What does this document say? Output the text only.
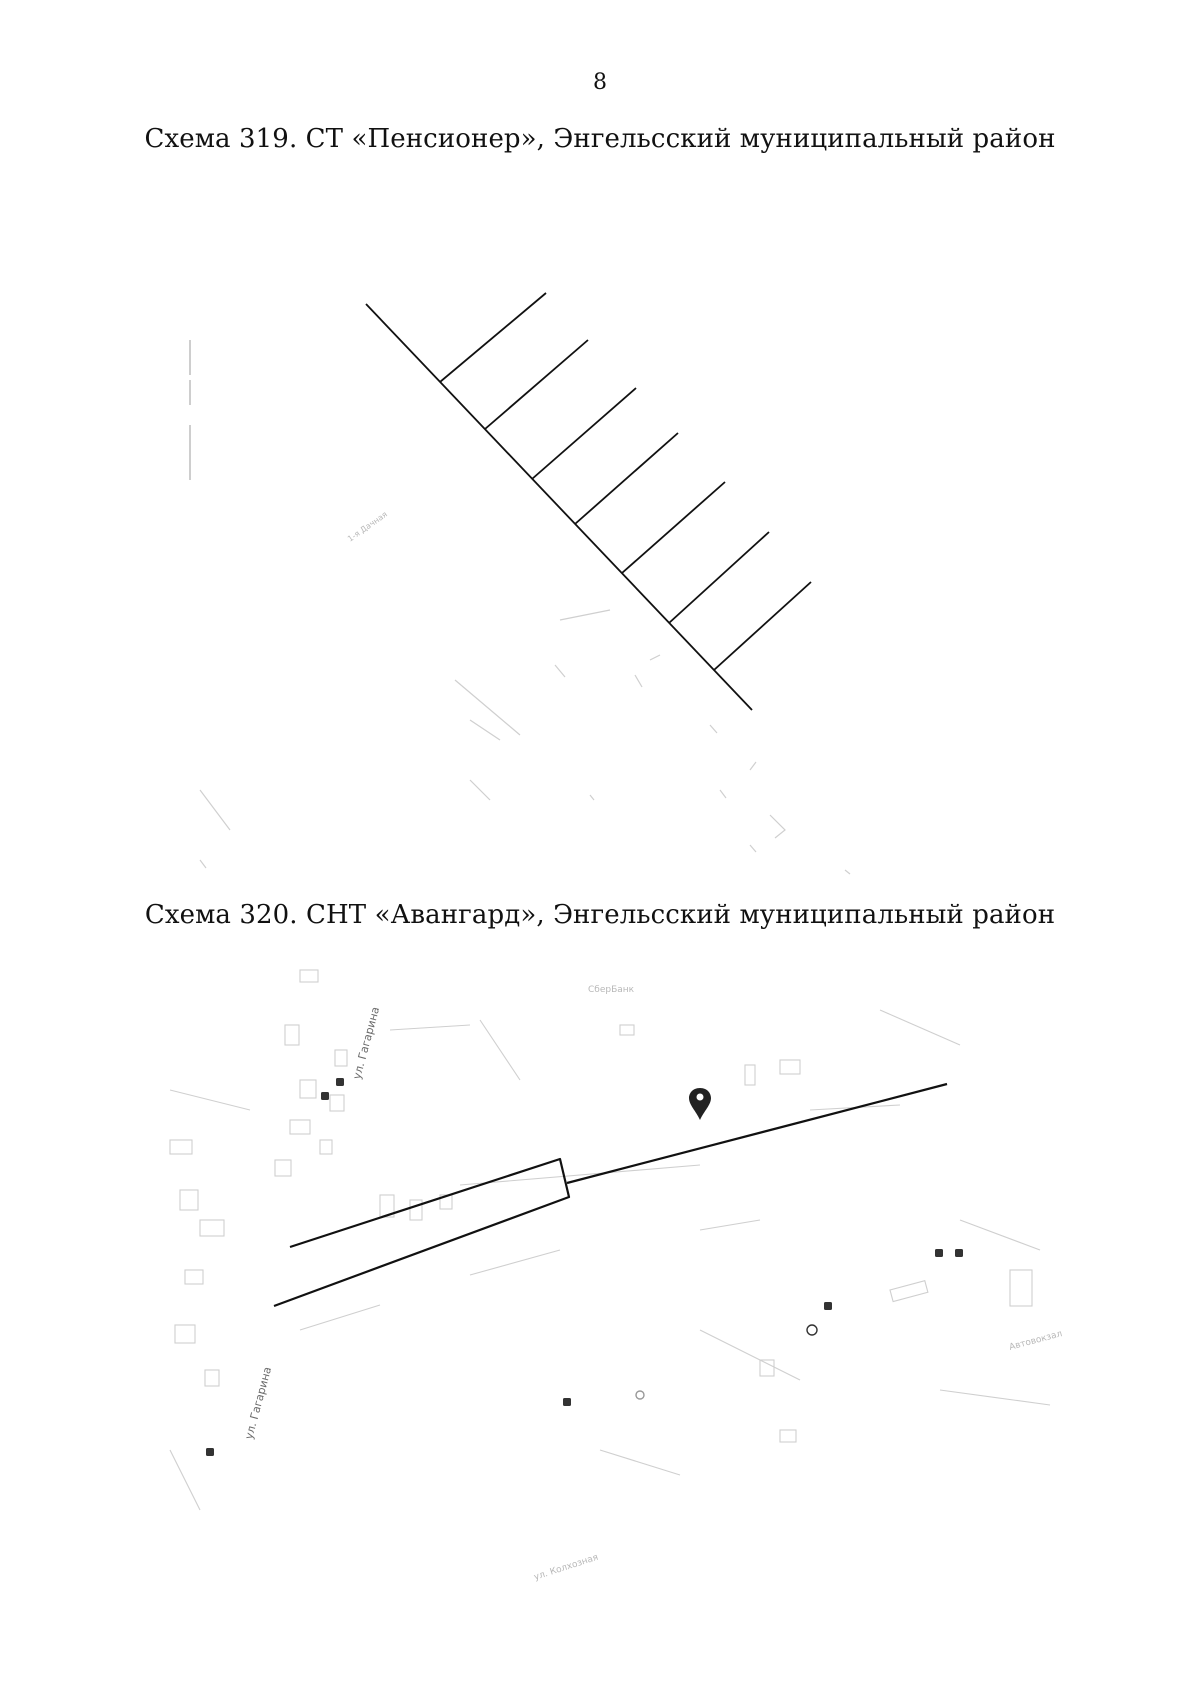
8
Схема 319. СТ «Пенсионер», Энгельсский муниципальный район
1-я Дачная
Схема 320. СНТ «Авангард», Энгельсский муниципальный район
СберБанк
ул. Гагарина
ул. Гагарина
ул. Колхозная
Автовокзал
